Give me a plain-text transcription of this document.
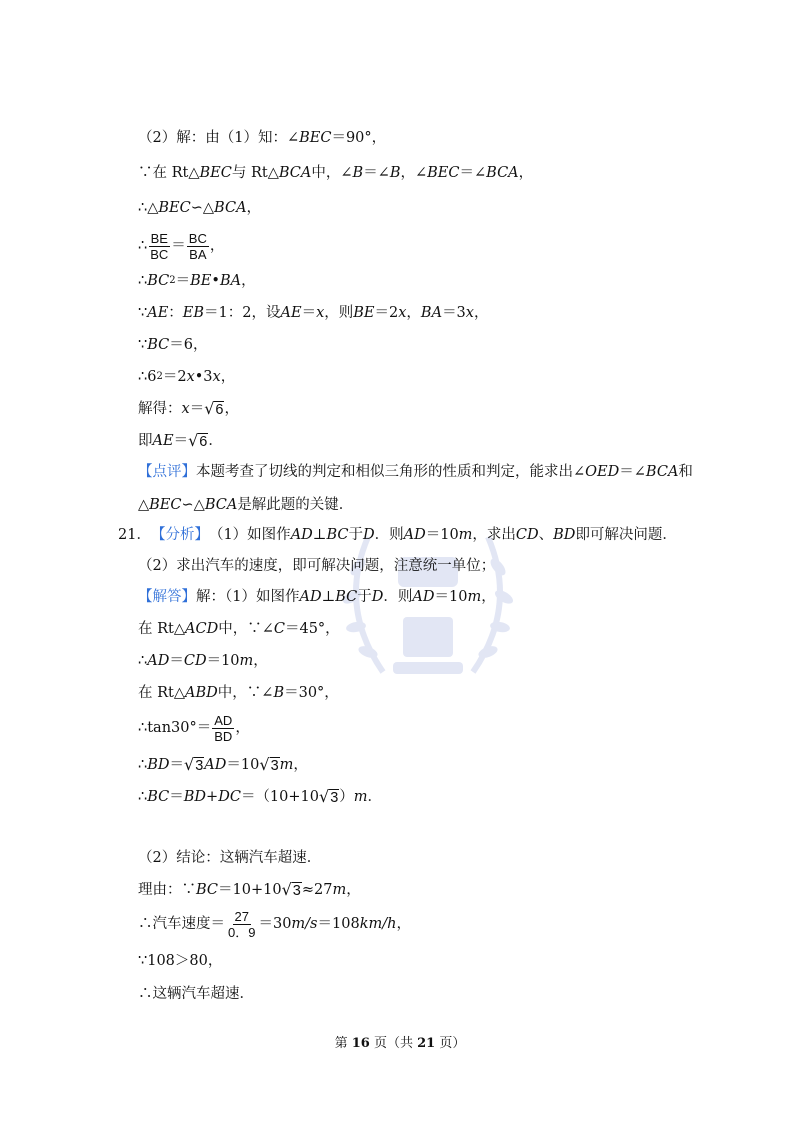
（2）解：由（1）知：∠ BEC ＝90°，
∵在 Rt△ BEC 与 Rt△ BCA 中，∠ B ＝∠ B ，∠ BEC ＝∠ BCA ，
∴△ BEC ∽△ BCA ，
∴ $\frac{BE}{BC} = \frac{BC}{BA}$ ，
∴ BC 2 ＝ BE • BA ，
∵ AE ： EB ＝1：2，设 AE ＝ x ，则 BE ＝2 x ， BA ＝3 x ，
∵ BC ＝6，
∴6 2 ＝2 x •3 x ，
解得： x ＝ √ 6 ，
即 AE ＝ √ 6 ．
【点评】 本题考查了切线的判定和相似三角形的性质和判定，能求出∠ OED ＝∠ BCA 和
△ BEC ∽△ BCA 是解此题的关键．
21． 【分析】 （1）如图作 AD ⊥ BC 于 D ．则 AD ＝10 m ，求出 CD 、 BD 即可解决问题．
（2）求出汽车的速度，即可解决问题，注意统一单位；
【解答】 解：（1）如图作 AD ⊥ BC 于 D ．则 AD ＝10 m ，
在 Rt△ ACD 中，∵∠ C ＝45°，
∴ AD ＝ CD ＝10 m ，
在 Rt△ ABD 中，∵∠ B ＝30°，
∴tan30°＝ $\frac{AD}{BD}$ ，
∴ BD ＝ √ 3 AD ＝10 √ 3 m ，
∴ BC ＝ BD + DC ＝（10+10 √ 3 ） m ．
（2）结论：这辆汽车超速．
理由：∵ BC ＝10+10 √ 3 ≈27 m ，
∴汽车速度＝ $\frac{27}{0.9} =30$ m/s ＝108 km/h ，
∵108＞80，
∴这辆汽车超速．
第 16 页（共 21 页）
